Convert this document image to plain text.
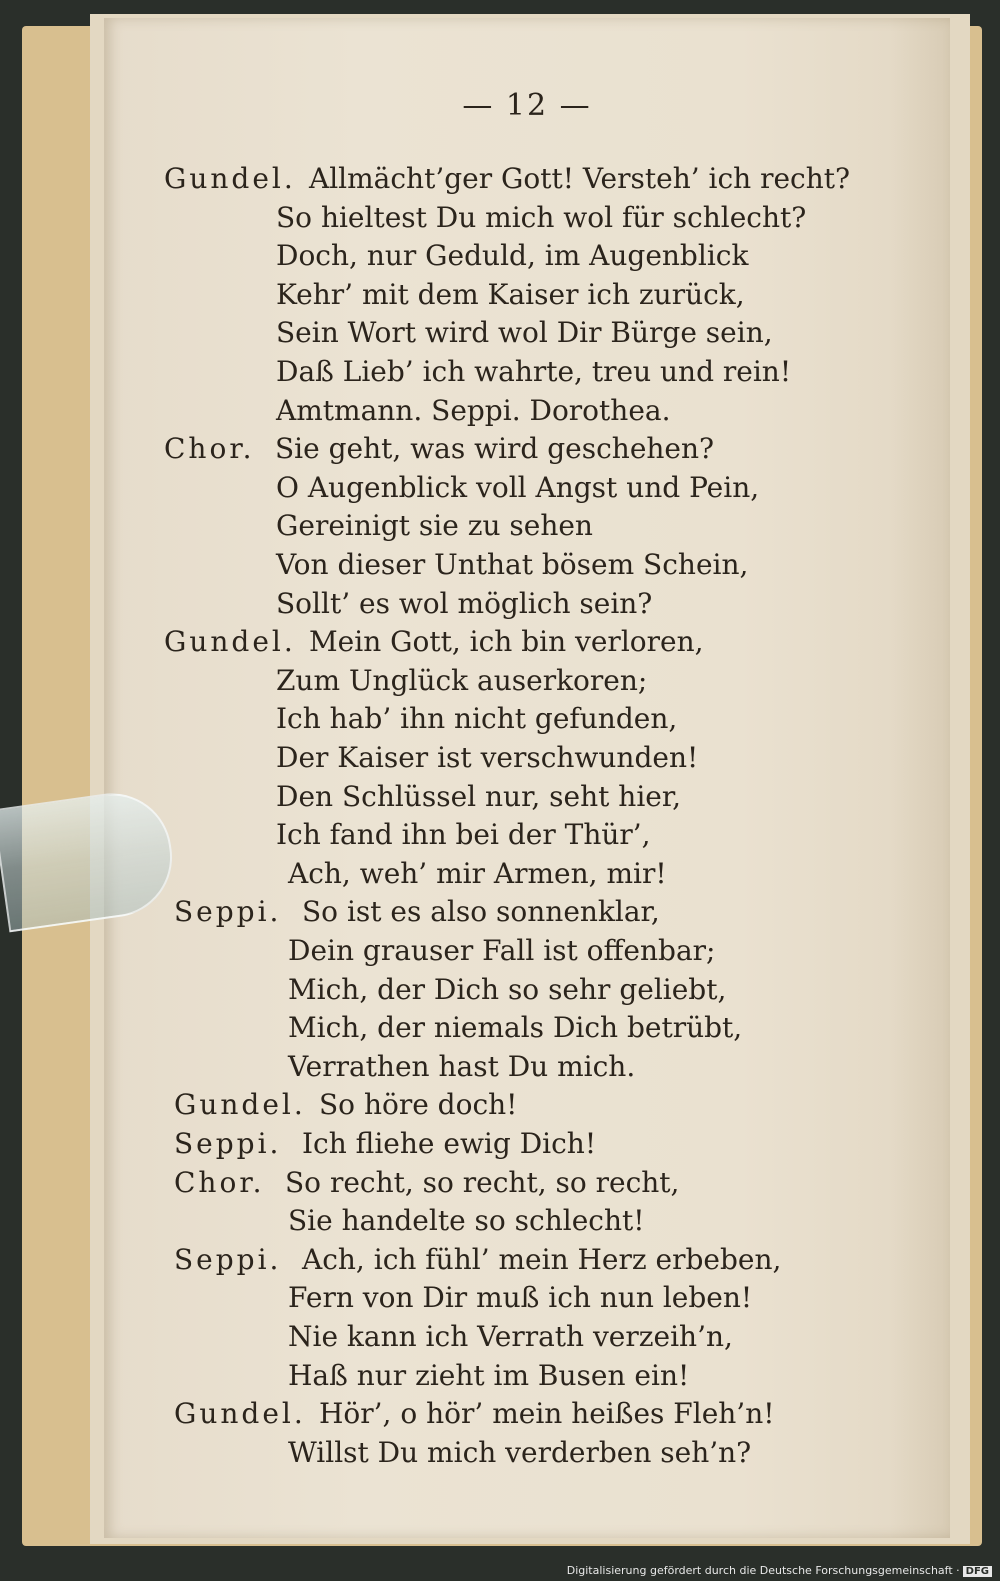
— 12 —
Gundel. Allmächt’ger Gott! Versteh’ ich recht?
So hieltest Du mich wol für schlecht?
Doch, nur Geduld, im Augenblick
Kehr’ mit dem Kaiser ich zurück,
Sein Wort wird wol Dir Bürge sein,
Daß Lieb’ ich wahrte, treu und rein!
Amtmann. Seppi. Dorothea.
Chor. Sie geht, was wird geschehen?
O Augenblick voll Angst und Pein,
Gereinigt sie zu sehen
Von dieser Unthat bösem Schein,
Sollt’ es wol möglich sein?
Gundel. Mein Gott, ich bin verloren,
Zum Unglück auserkoren;
Ich hab’ ihn nicht gefunden,
Der Kaiser ist verschwunden!
Den Schlüssel nur, seht hier,
Ich fand ihn bei der Thür’,
Ach, weh’ mir Armen, mir!
Seppi. So ist es also sonnenklar,
Dein grauser Fall ist offenbar;
Mich, der Dich so sehr geliebt,
Mich, der niemals Dich betrübt,
Verrathen hast Du mich.
Gundel. So höre doch!
Seppi. Ich fliehe ewig Dich!
Chor. So recht, so recht, so recht,
Sie handelte so schlecht!
Seppi. Ach, ich fühl’ mein Herz erbeben,
Fern von Dir muß ich nun leben!
Nie kann ich Verrath verzeih’n,
Haß nur zieht im Busen ein!
Gundel. Hör’, o hör’ mein heißes Fleh’n!
Willst Du mich verderben seh’n?
Digitalisierung gefördert durch die Deutsche Forschungsgemeinschaft · DFG
